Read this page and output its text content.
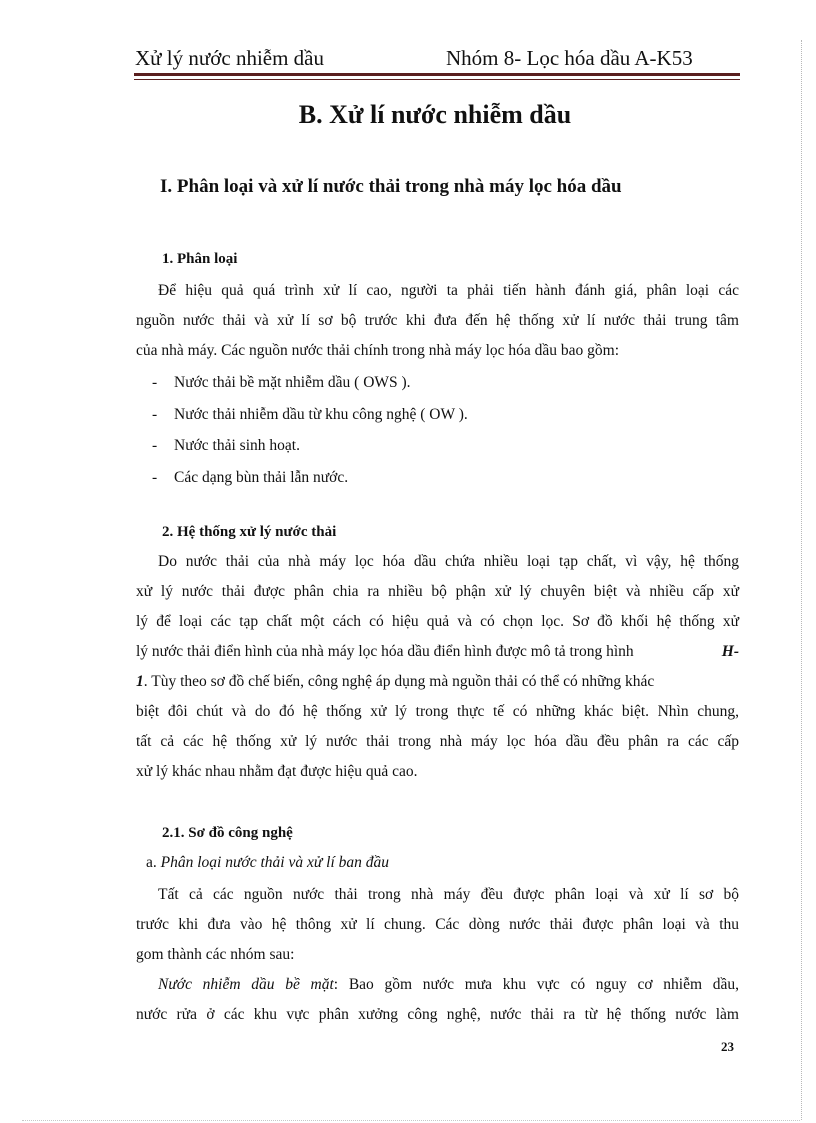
Xử lý nước nhiễm dầu	Nhóm 8- Lọc hóa dầu A-K53
B. Xử lí nước nhiễm dầu
I. Phân loại và xử lí nước thải trong nhà máy lọc hóa dầu
1. Phân loại
Để hiệu quả quá trình xử lí cao, người ta phải tiến hành đánh giá, phân loại các
nguồn nước thải và xử lí sơ bộ trước khi đưa đến hệ thống xử lí nước thải trung tâm
của nhà máy. Các nguồn nước thải chính trong nhà máy lọc hóa dầu bao gồm:
- Nước thải bề mặt nhiễm dầu ( OWS ).
- Nước thải nhiễm dầu từ khu công nghệ ( OW ).
- Nước thải sinh hoạt.
- Các dạng bùn thải lẫn nước.
2. Hệ thống xử lý nước thải
Do nước thải của nhà máy lọc hóa dầu chứa nhiều loại tạp chất, vì vậy, hệ thống
xử lý nước thải được phân chia ra nhiều bộ phận xử lý chuyên biệt và nhiều cấp xử
lý để loại các tạp chất một cách có hiệu quả và có chọn lọc. Sơ đồ khối hệ thống xử
lý nước thải điển hình của nhà máy lọc hóa dầu điển hình được mô tả trong hình	H-
1. Tùy theo sơ đồ chế biến, công nghệ áp dụng mà nguồn thải có thể có những khác
biệt đôi chút và do đó hệ thống xử lý trong thực tế có những khác biệt. Nhìn chung,
tất cả các hệ thống xử lý nước thải trong nhà máy lọc hóa dầu đều phân ra các cấp
xử lý khác nhau nhằm đạt được hiệu quả cao.
2.1. Sơ đồ công nghệ
a. Phân loại nước thải và xử lí ban đầu
Tất cả các nguồn nước thải trong nhà máy đều được phân loại và xử lí sơ bộ
trước khi đưa vào hệ thông xử lí chung. Các dòng nước thải được phân loại và thu
gom thành các nhóm sau:
Nước nhiễm dầu bề mặt: Bao gồm nước mưa khu vực có nguy cơ nhiễm dầu,
nước rửa ở các khu vực phân xưởng công nghệ, nước thải ra từ hệ thống nước làm
23
